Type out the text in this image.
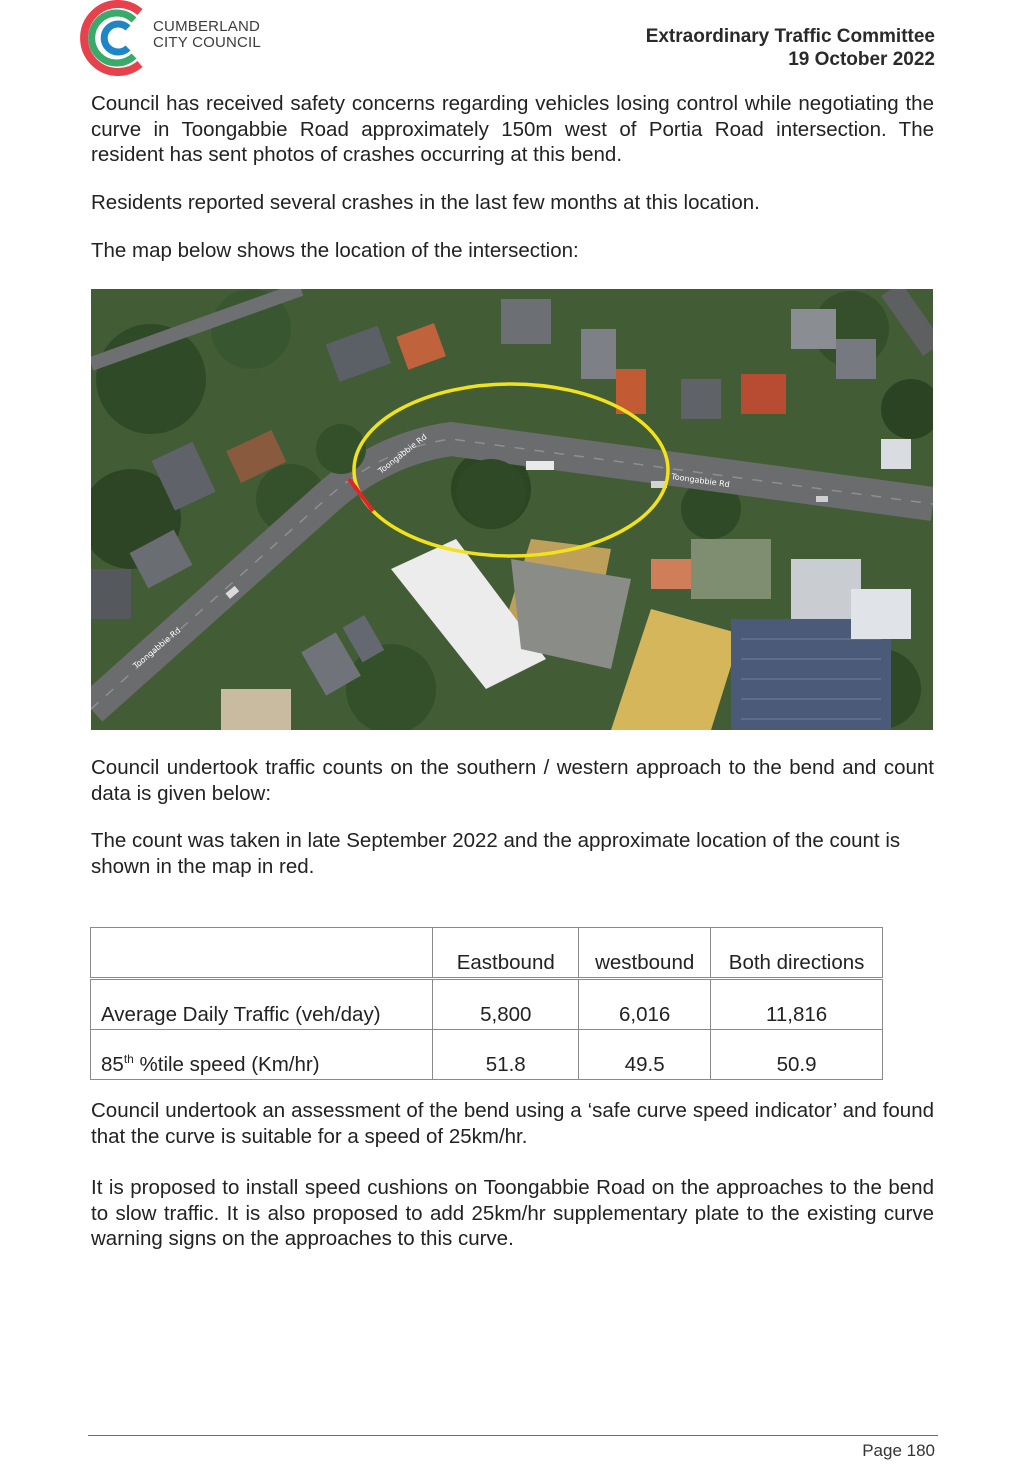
CUMBERLAND
CITY COUNCIL	Extraordinary Traffic Committee
19 October 2022

Council has received safety concerns regarding vehicles losing control while negotiating the curve in Toongabbie Road approximately 150m west of Portia Road intersection. The resident has sent photos of crashes occurring at this bend.

Residents reported several crashes in the last few months at this location.

The map below shows the location of the intersection:

Toongabbie Rd
Toongabbie Rd
Toongabbie Rd

Council undertook traffic counts on the southern / western approach to the bend and count data is given below:

The count was taken in late September 2022 and the approximate location of the count is shown in the map in red.

	Eastbound	westbound	Both directions
Average Daily Traffic (veh/day)	5,800	6,016	11,816
85th %tile speed (Km/hr)	51.8	49.5	50.9

Council undertook an assessment of the bend using a ‘safe curve speed indicator’ and found that the curve is suitable for a speed of 25km/hr.

It is proposed to install speed cushions on Toongabbie Road on the approaches to the bend to slow traffic. It is also proposed to add 25km/hr supplementary plate to the existing curve warning signs on the approaches to this curve.

Page 180
